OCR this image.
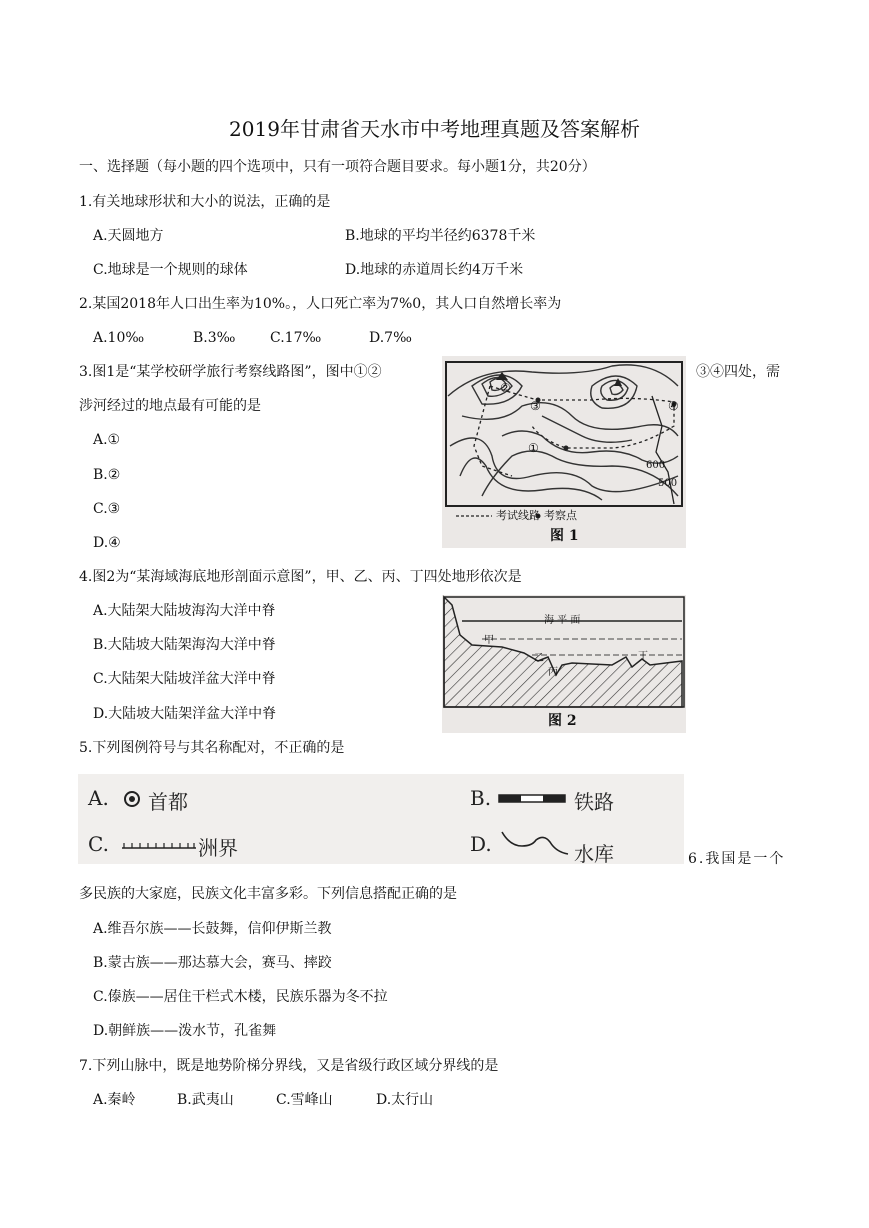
2019年甘肃省天水市中考地理真题及答案解析
一、选择题（每小题的四个选项中，只有一项符合题目要求。每小题1分，共20分）
1.有关地球形状和大小的说法，正确的是
A.天圆地方	B.地球的平均半径约6378千米
C.地球是一个规则的球体	D.地球的赤道周长约4万千米
2.某国2018年人口出生率为10%。，人口死亡率为7%0，其人口自然增长率为
A.10‰	B.3‰ C.17‰	D.7‰
3.图1是“某学校研学旅行考察线路图”，图中①②	③④四处，需
涉河经过的地点最有可能的是
A.①
B.②
C.③
D.④
①
②
③	④
600
500
考试线路 考察点
图 1
4.图2为“某海域海底地形剖面示意图”，甲、乙、丙、丁四处地形依次是
A.大陆架大陆坡海沟大洋中脊
B.大陆坡大陆架海沟大洋中脊
C.大陆架大陆坡洋盆大洋中脊
D.大陆坡大陆架洋盆大洋中脊
海 平 面
甲
乙
丙
丁
图 2
5.下列图例符号与其名称配对，不正确的是
A. 首都	B.	铁路
C.	洲界	D.	水库	6.我国是一个
多民族的大家庭，民族文化丰富多彩。下列信息搭配正确的是
A.维吾尔族——长鼓舞，信仰伊斯兰教
B.蒙古族——那达慕大会，赛马、摔跤
C.傣族——居住干栏式木楼，民族乐器为冬不拉
D.朝鲜族——泼水节，孔雀舞
7.下列山脉中，既是地势阶梯分界线，又是省级行政区域分界线的是
A.秦岭	B.武夷山	C.雪峰山	D.太行山
